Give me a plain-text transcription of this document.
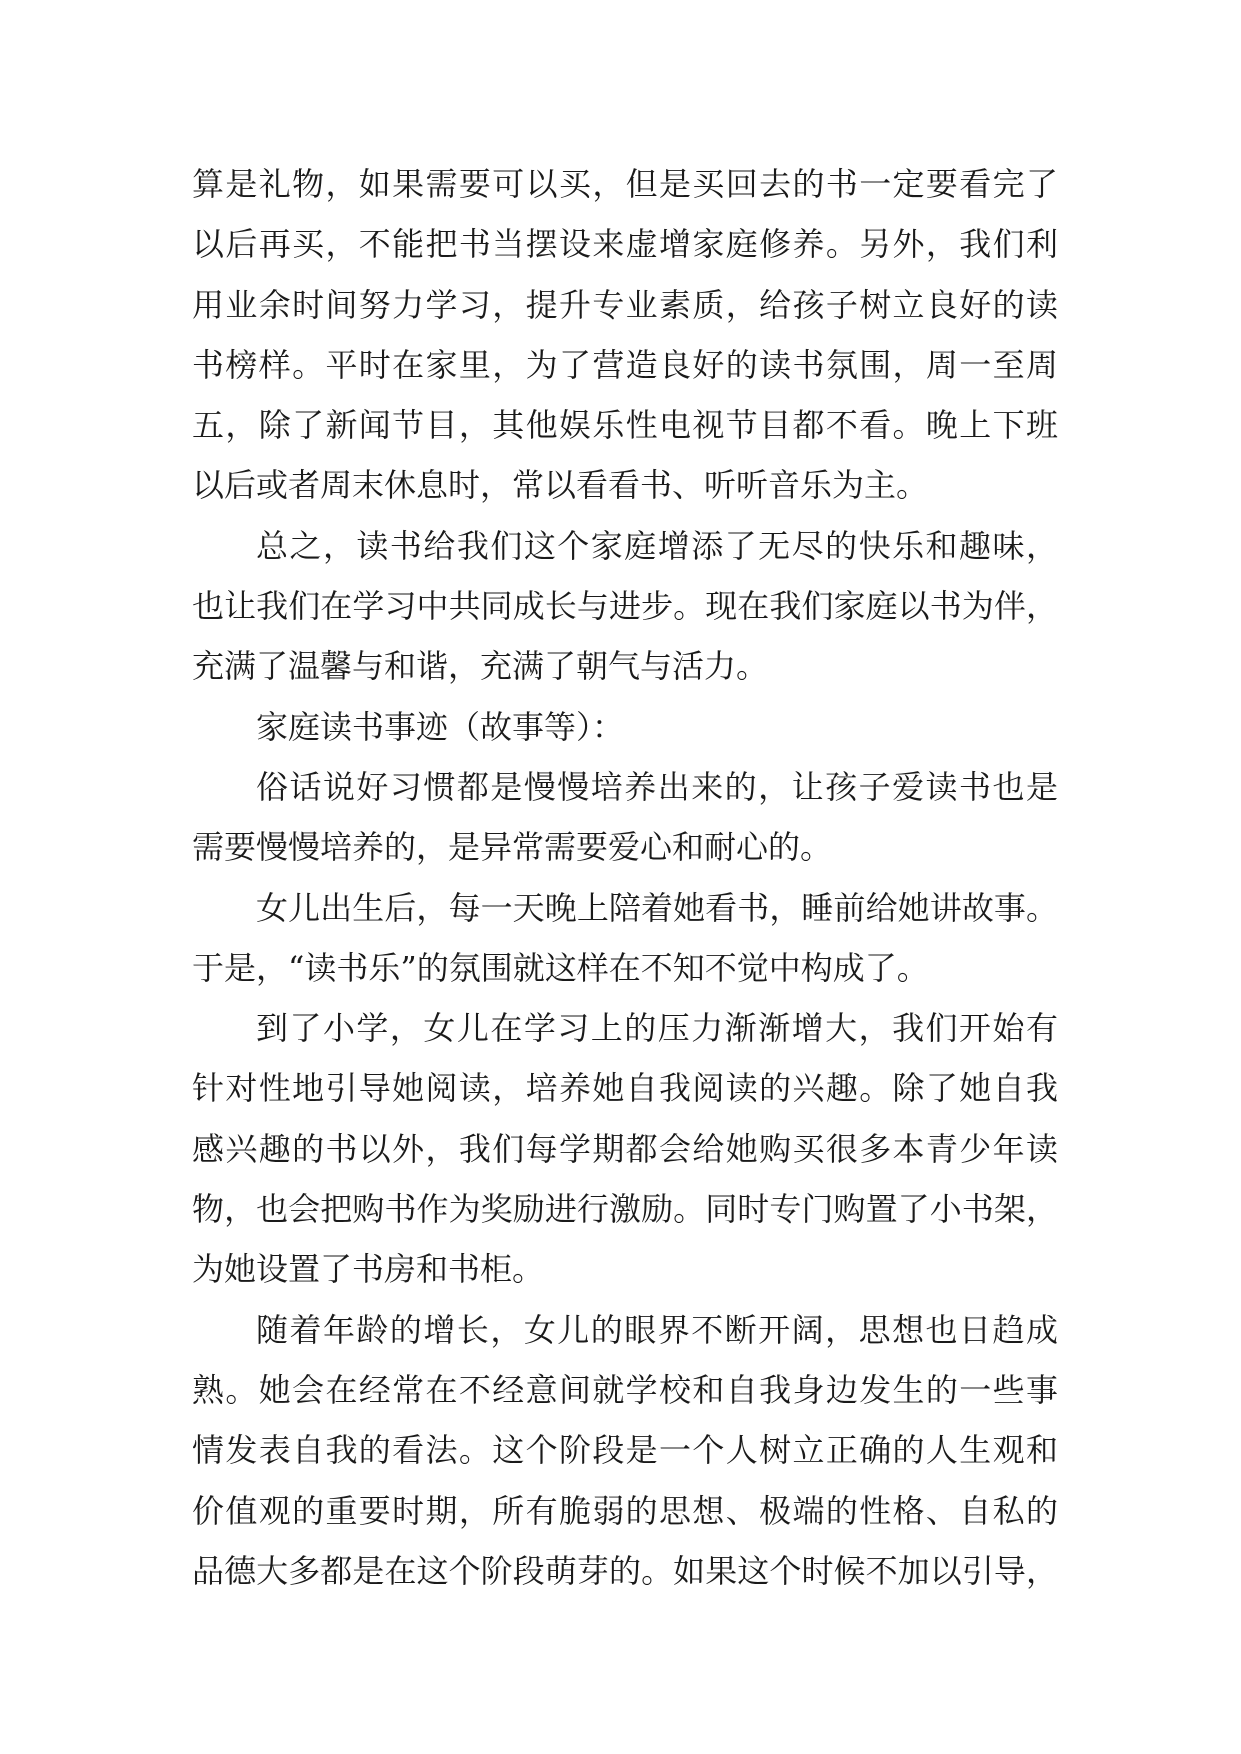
算是礼物，如果需要可以买，但是买回去的书一定要看完了
以后再买，不能把书当摆设来虚增家庭修养。另外，我们利
用业余时间努力学习，提升专业素质，给孩子树立良好的读
书榜样。平时在家里，为了营造良好的读书氛围，周一至周
五，除了新闻节目，其他娱乐性电视节目都不看。晚上下班
以后或者周末休息时，常以看看书、听听音乐为主。
总之，读书给我们这个家庭增添了无尽的快乐和趣味，
也让我们在学习中共同成长与进步。现在我们家庭以书为伴，
充满了温馨与和谐，充满了朝气与活力。
家庭读书事迹（故事等）：
俗话说好习惯都是慢慢培养出来的，让孩子爱读书也是
需要慢慢培养的，是异常需要爱心和耐心的。
女儿出生后，每一天晚上陪着她看书，睡前给她讲故事。
于是，“读书乐”的氛围就这样在不知不觉中构成了。
到了小学，女儿在学习上的压力渐渐增大，我们开始有
针对性地引导她阅读，培养她自我阅读的兴趣。除了她自我
感兴趣的书以外，我们每学期都会给她购买很多本青少年读
物，也会把购书作为奖励进行激励。同时专门购置了小书架，
为她设置了书房和书柜。
随着年龄的增长，女儿的眼界不断开阔，思想也日趋成
熟。她会在经常在不经意间就学校和自我身边发生的一些事
情发表自我的看法。这个阶段是一个人树立正确的人生观和
价值观的重要时期，所有脆弱的思想、极端的性格、自私的
品德大多都是在这个阶段萌芽的。如果这个时候不加以引导，
